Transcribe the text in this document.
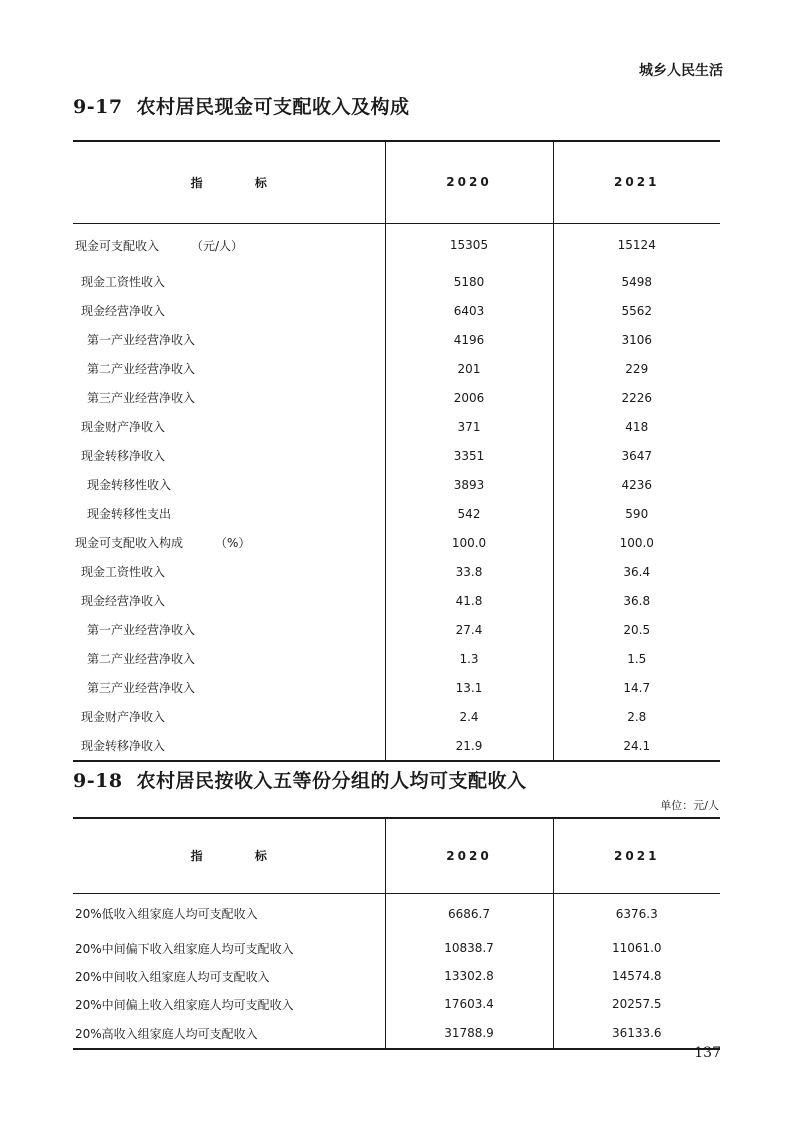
城乡人民生活
9-17 农村居民现金可支配收入及构成
指 标	2020	2021
现金可支配收入 （元/人）	15305	15124
现金工资性收入	5180	5498
现金经营净收入	6403	5562
第一产业经营净收入	4196	3106
第二产业经营净收入	201	229
第三产业经营净收入	2006	2226
现金财产净收入	371	418
现金转移净收入	3351	3647
现金转移性收入	3893	4236
现金转移性支出	542	590
现金可支配收入构成 （%）	100.0	100.0
现金工资性收入	33.8	36.4
现金经营净收入	41.8	36.8
第一产业经营净收入	27.4	20.5
第二产业经营净收入	1.3	1.5
第三产业经营净收入	13.1	14.7
现金财产净收入	2.4	2.8
现金转移净收入	21.9	24.1
9-18 农村居民按收入五等份分组的人均可支配收入
单位：元/人
指 标	2020	2021
20%低收入组家庭人均可支配收入	6686.7	6376.3
20%中间偏下收入组家庭人均可支配收入	10838.7	11061.0
20%中间收入组家庭人均可支配收入	13302.8	14574.8
20%中间偏上收入组家庭人均可支配收入	17603.4	20257.5
20%高收入组家庭人均可支配收入	31788.9	36133.6
137
